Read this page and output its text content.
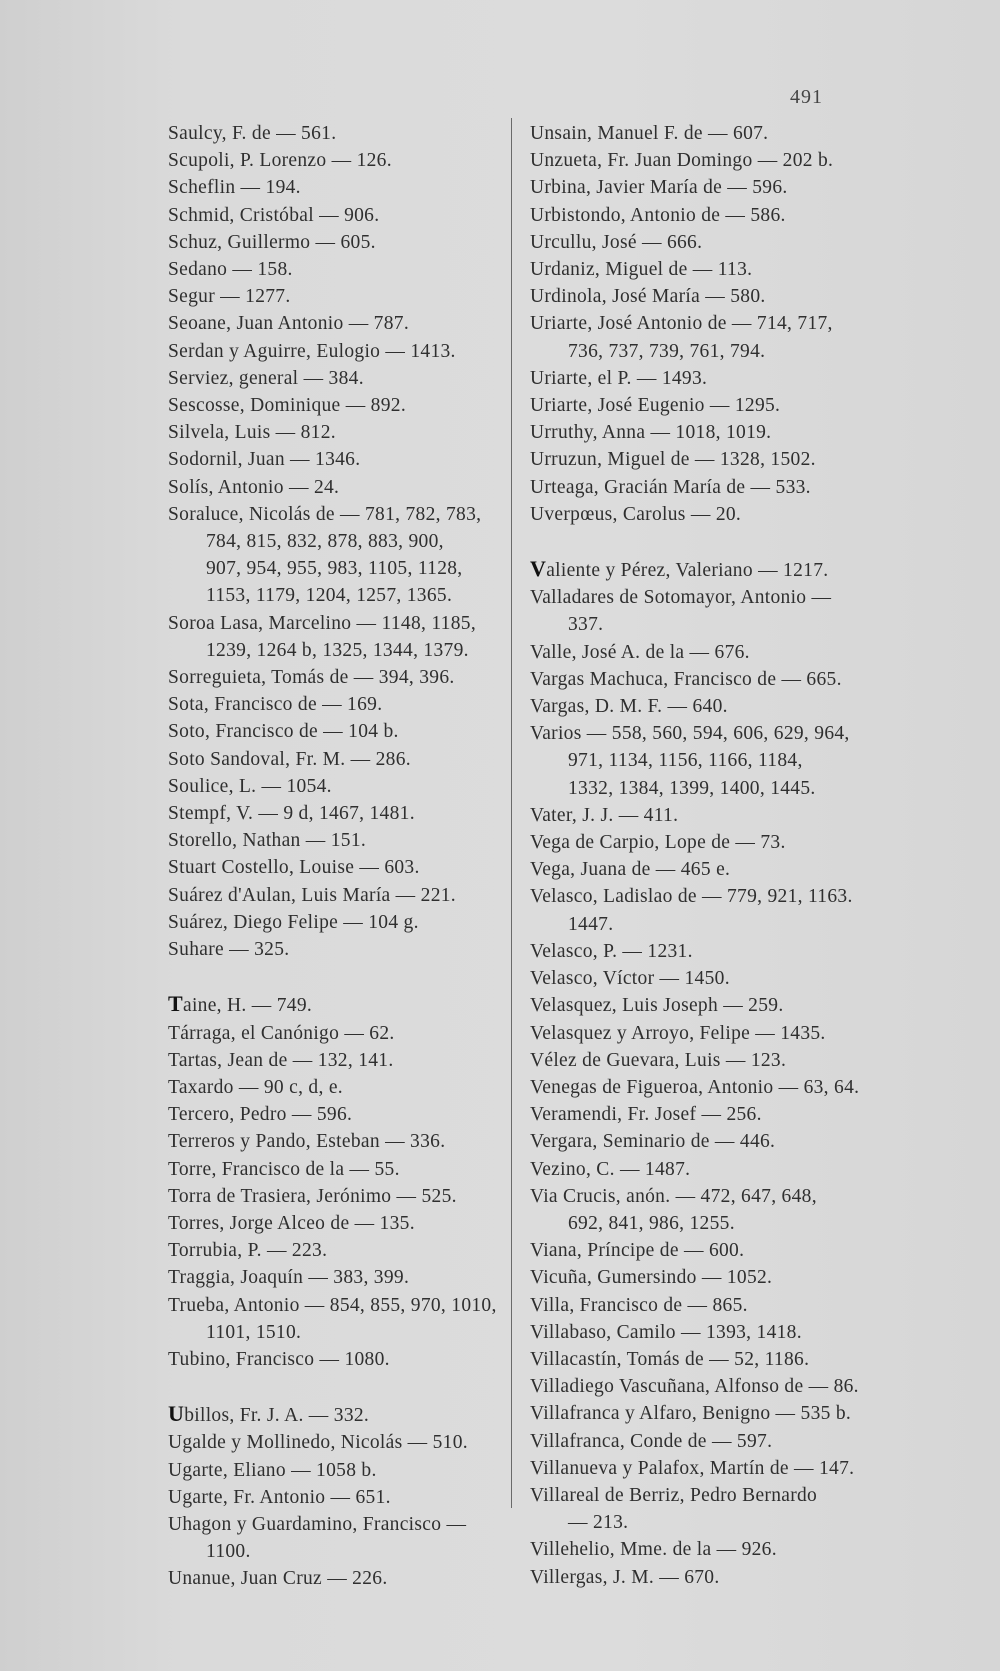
491
Saulcy, F. de — 561.
Scupoli, P. Lorenzo — 126.
Scheflin — 194.
Schmid, Cristóbal — 906.
Schuz, Guillermo — 605.
Sedano — 158.
Segur — 1277.
Seoane, Juan Antonio — 787.
Serdan y Aguirre, Eulogio — 1413.
Serviez, general — 384.
Sescosse, Dominique — 892.
Silvela, Luis — 812.
Sodornil, Juan — 1346.
Solís, Antonio — 24.
Soraluce, Nicolás de — 781, 782, 783,
784, 815, 832, 878, 883, 900,
907, 954, 955, 983, 1105, 1128,
1153, 1179, 1204, 1257, 1365.
Soroa Lasa, Marcelino — 1148, 1185,
1239, 1264 b, 1325, 1344, 1379.
Sorreguieta, Tomás de — 394, 396.
Sota, Francisco de — 169.
Soto, Francisco de — 104 b.
Soto Sandoval, Fr. M. — 286.
Soulice, L. — 1054.
Stempf, V. — 9 d, 1467, 1481.
Storello, Nathan — 151.
Stuart Costello, Louise — 603.
Suárez d'Aulan, Luis María — 221.
Suárez, Diego Felipe — 104 g.
Suhare — 325.
Taine, H. — 749.
Tárraga, el Canónigo — 62.
Tartas, Jean de — 132, 141.
Taxardo — 90 c, d, e.
Tercero, Pedro — 596.
Terreros y Pando, Esteban — 336.
Torre, Francisco de la — 55.
Torra de Trasiera, Jerónimo — 525.
Torres, Jorge Alceo de — 135.
Torrubia, P. — 223.
Traggia, Joaquín — 383, 399.
Trueba, Antonio — 854, 855, 970, 1010,
1101, 1510.
Tubino, Francisco — 1080.
Ubillos, Fr. J. A. — 332.
Ugalde y Mollinedo, Nicolás — 510.
Ugarte, Eliano — 1058 b.
Ugarte, Fr. Antonio — 651.
Uhagon y Guardamino, Francisco —
1100.
Unanue, Juan Cruz — 226.
Unsain, Manuel F. de — 607.
Unzueta, Fr. Juan Domingo — 202 b.
Urbina, Javier María de — 596.
Urbistondo, Antonio de — 586.
Urcullu, José — 666.
Urdaniz, Miguel de — 113.
Urdinola, José María — 580.
Uriarte, José Antonio de — 714, 717,
736, 737, 739, 761, 794.
Uriarte, el P. — 1493.
Uriarte, José Eugenio — 1295.
Urruthy, Anna — 1018, 1019.
Urruzun, Miguel de — 1328, 1502.
Urteaga, Gracián María de — 533.
Uverpœus, Carolus — 20.
Valiente y Pérez, Valeriano — 1217.
Valladares de Sotomayor, Antonio —
337.
Valle, José A. de la — 676.
Vargas Machuca, Francisco de — 665.
Vargas, D. M. F. — 640.
Varios — 558, 560, 594, 606, 629, 964,
971, 1134, 1156, 1166, 1184,
1332, 1384, 1399, 1400, 1445.
Vater, J. J. — 411.
Vega de Carpio, Lope de — 73.
Vega, Juana de — 465 e.
Velasco, Ladislao de — 779, 921, 1163.
1447.
Velasco, P. — 1231.
Velasco, Víctor — 1450.
Velasquez, Luis Joseph — 259.
Velasquez y Arroyo, Felipe — 1435.
Vélez de Guevara, Luis — 123.
Venegas de Figueroa, Antonio — 63, 64.
Veramendi, Fr. Josef — 256.
Vergara, Seminario de — 446.
Vezino, C. — 1487.
Via Crucis, anón. — 472, 647, 648,
692, 841, 986, 1255.
Viana, Príncipe de — 600.
Vicuña, Gumersindo — 1052.
Villa, Francisco de — 865.
Villabaso, Camilo — 1393, 1418.
Villacastín, Tomás de — 52, 1186.
Villadiego Vascuñana, Alfonso de — 86.
Villafranca y Alfaro, Benigno — 535 b.
Villafranca, Conde de — 597.
Villanueva y Palafox, Martín de — 147.
Villareal de Berriz, Pedro Bernardo
— 213.
Villehelio, Mme. de la — 926.
Villergas, J. M. — 670.
